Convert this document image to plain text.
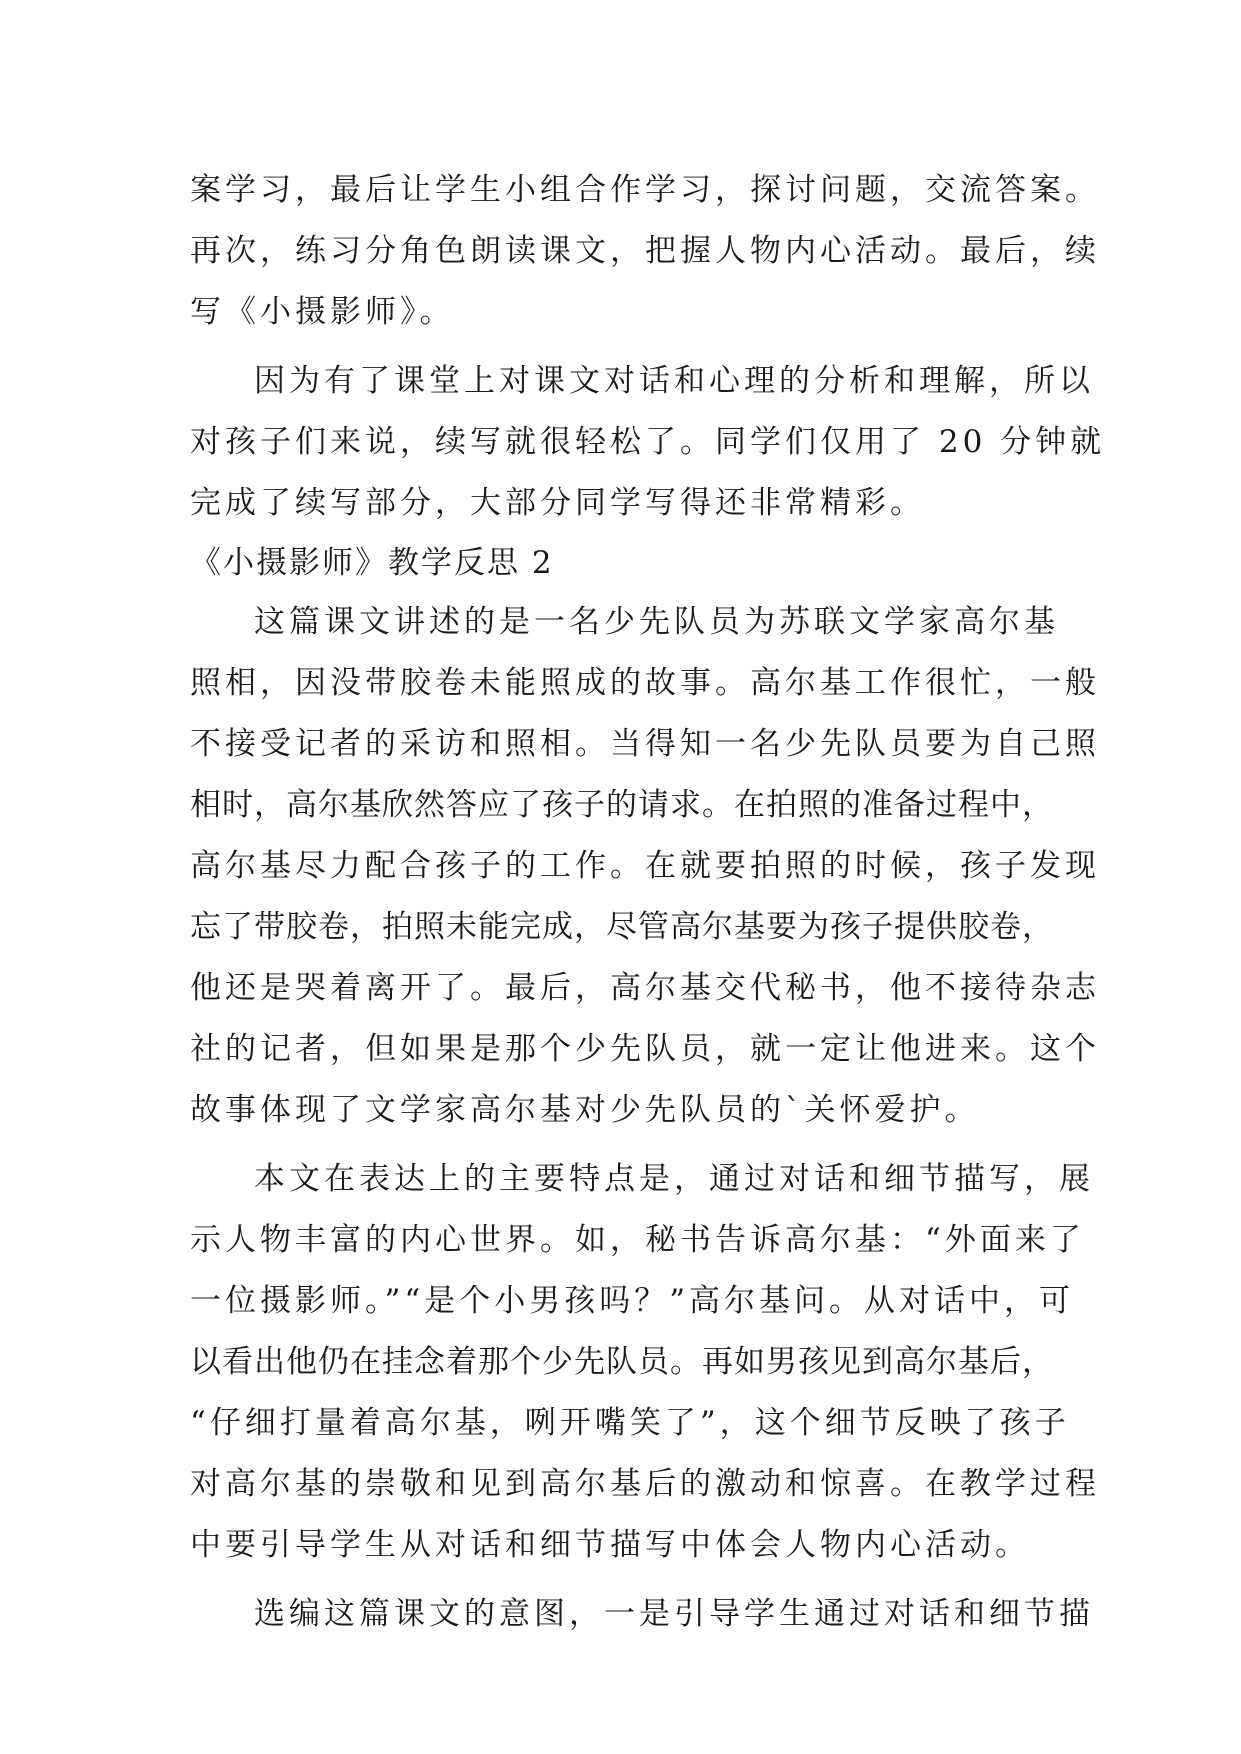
案学习，最后让学生小组合作学习，探讨问题，交流答案。
再次，练习分角色朗读课文，把握人物内心活动。最后，续
写《小摄影师》。
因为有了课堂上对课文对话和心理的分析和理解，所以
对孩子们来说，续写就很轻松了。同学们仅用了 20 分钟就
完成了续写部分，大部分同学写得还非常精彩。
《小摄影师》教学反思 2
这篇课文讲述的是一名少先队员为苏联文学家高尔基
照相，因没带胶卷未能照成的故事。高尔基工作很忙，一般
不接受记者的采访和照相。当得知一名少先队员要为自己照
相时，高尔基欣然答应了孩子的请求。在拍照的准备过程中，
高尔基尽力配合孩子的工作。在就要拍照的时候，孩子发现
忘了带胶卷，拍照未能完成，尽管高尔基要为孩子提供胶卷，
他还是哭着离开了。最后，高尔基交代秘书，他不接待杂志
社的记者，但如果是那个少先队员，就一定让他进来。这个
故事体现了文学家高尔基对少先队员的`关怀爱护。
本文在表达上的主要特点是，通过对话和细节描写，展
示人物丰富的内心世界。如，秘书告诉高尔基：“外面来了
一位摄影师。”“是个小男孩吗？”高尔基问。从对话中，可
以看出他仍在挂念着那个少先队员。再如男孩见到高尔基后，
“仔细打量着高尔基，咧开嘴笑了”，这个细节反映了孩子
对高尔基的崇敬和见到高尔基后的激动和惊喜。在教学过程
中要引导学生从对话和细节描写中体会人物内心活动。
选编这篇课文的意图，一是引导学生通过对话和细节描
